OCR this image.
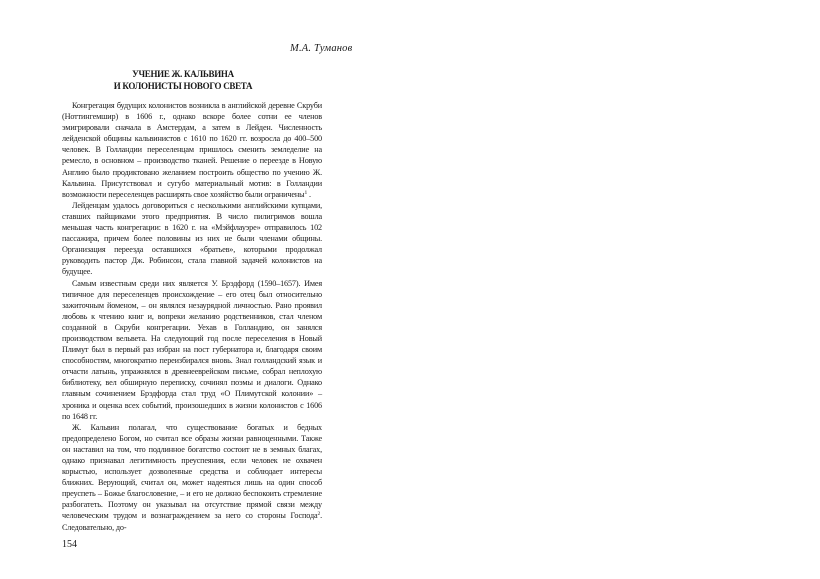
М.А. Туманов
УЧЕНИЕ Ж. КАЛЬВИНА
И КОЛОНИСТЫ НОВОГО СВЕТА

Конгрегация будущих колонистов возникла в английской деревне Скруби (Ноттингемшир) в 1606 г., однако вскоре более сотни ее членов эмигрировали сначала в Амстердам, а затем в Лейден. Численность лейденской общины кальвинистов с 1610 по 1620 гг. возросла до 400–500 человек. В Голландии переселенцам пришлось сменить земледелие на ремесло, в основном – производство тканей. Решение о переезде в Новую Англию было продиктовано желанием построить общество по учению Ж. Кальвина. Присутствовал и сугубо материальный мотив: в Голландии возможности переселенцев расширять свое хозяйство были ограничены$^1$ .

Лейденцам удалось договориться с несколькими английскими купцами, ставших пайщиками этого предприятия. В число пилигримов вошла меньшая часть конгрегации: в 1620 г. на «Мэйфлауэре» отправилось 102 пассажира, причем более половины из них не были членами общины. Организация переезда оставшихся «братьев», которыми продолжал руководить пастор Дж. Робинсон, стала главной задачей колонистов на будущее.

Самым известным среди них является У. Брэдфорд (1590–1657). Имея типичное для переселенцев происхождение – его отец был относительно зажиточным йоменом, – он являлся незаурядной личностью. Рано проявил любовь к чтению книг и, вопреки желанию родственников, стал членом созданной в Скруби конгрегации. Уехав в Голландию, он занялся производством вельвета. На следующий год после переселения в Новый Плимут был в первый раз избран на пост губернатора и, благодаря своим способностям, многократно переизбирался вновь. Знал голландский язык и отчасти латынь, упражнялся в древнееврейском письме, собрал неплохую библиотеку, вел обширную переписку, сочинял поэмы и диалоги. Однако главным сочинением Брэдфорда стал труд «О Плимутской колонии» – хроника и оценка всех событий, произошедших в жизни колонистов с 1606 по 1648 гг.

Ж. Кальвин полагал, что существование богатых и бедных предопределено Богом, но считал все образы жизни равноценными. Также он наставил на том, что подлинное богатство состоит не в земных благах, однако признавал легитимность преуспеяния, если человек не охвачен корыстью, использует дозволенные средства и соблюдает интересы ближних. Верующий, считал он, может надеяться лишь на один способ преуспеть – Божье благословение, – и его не должно беспокоить стремление разбогатеть. Поэтому он указывал на отсутствие прямой связи между человеческим трудом и вознаграждением за него со стороны Господа$^2$. Следовательно, до-

154
